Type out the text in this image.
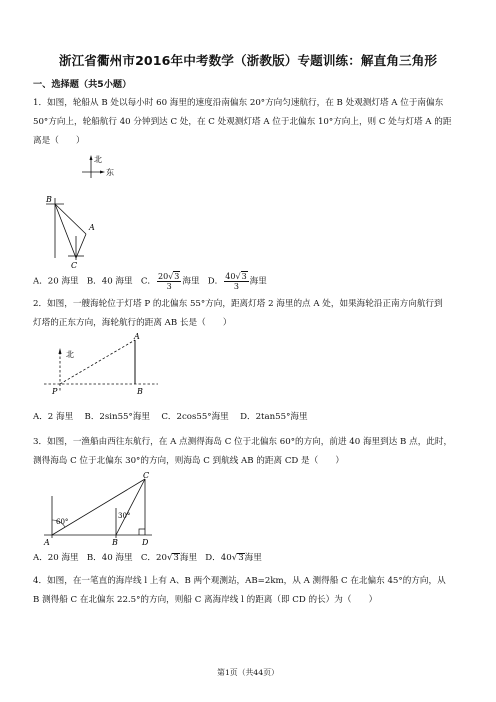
浙江省衢州市2016年中考数学（浙教版）专题训练：解直角三角形
一、选择题（共5小题）
1．如图，轮船从 B 处以每小时 60 海里的速度沿南偏东 20°方向匀速航行，在 B 处观测灯塔 A 位于南偏东
50°方向上，轮船航行 40 分钟到达 C 处，在 C 处观测灯塔 A 位于北偏东 10°方向上，则 C 处与灯塔 A 的距
离是（　　）
北
东
B
A
C
A．20 海里 B．40 海里 C． $\frac{20√3}{3}$ 海里 D． $\frac{40√3}{3}$ 海里
2．如图，一艘海轮位于灯塔 P 的北偏东 55°方向，距离灯塔 2 海里的点 A 处，如果海轮沿正南方向航行到
灯塔的正东方向，海轮航行的距离 AB 长是（　　）
北
A
P	B
A．2 海里　 B．2sin55°海里　 C．2cos55°海里　 D．2tan55°海里
3．如图，一渔船由西往东航行，在 A 点测得海岛 C 位于北偏东 60°的方向，前进 40 海里到达 B 点，此时，
测得海岛 C 位于北偏东 30°的方向，则海岛 C 到航线 AB 的距离 CD 是（　　）
C
A	B	D
60°
30°
A．20 海里 B．40 海里 C．20√3海里 D．40√3海里
4．如图，在一笔直的海岸线 l 上有 A、B 两个观测站，AB=2km，从 A 测得船 C 在北偏东 45°的方向，从
B 测得船 C 在北偏东 22.5°的方向，则船 C 离海岸线 l 的距离（即 CD 的长）为（　　）
第1页（共44页）
